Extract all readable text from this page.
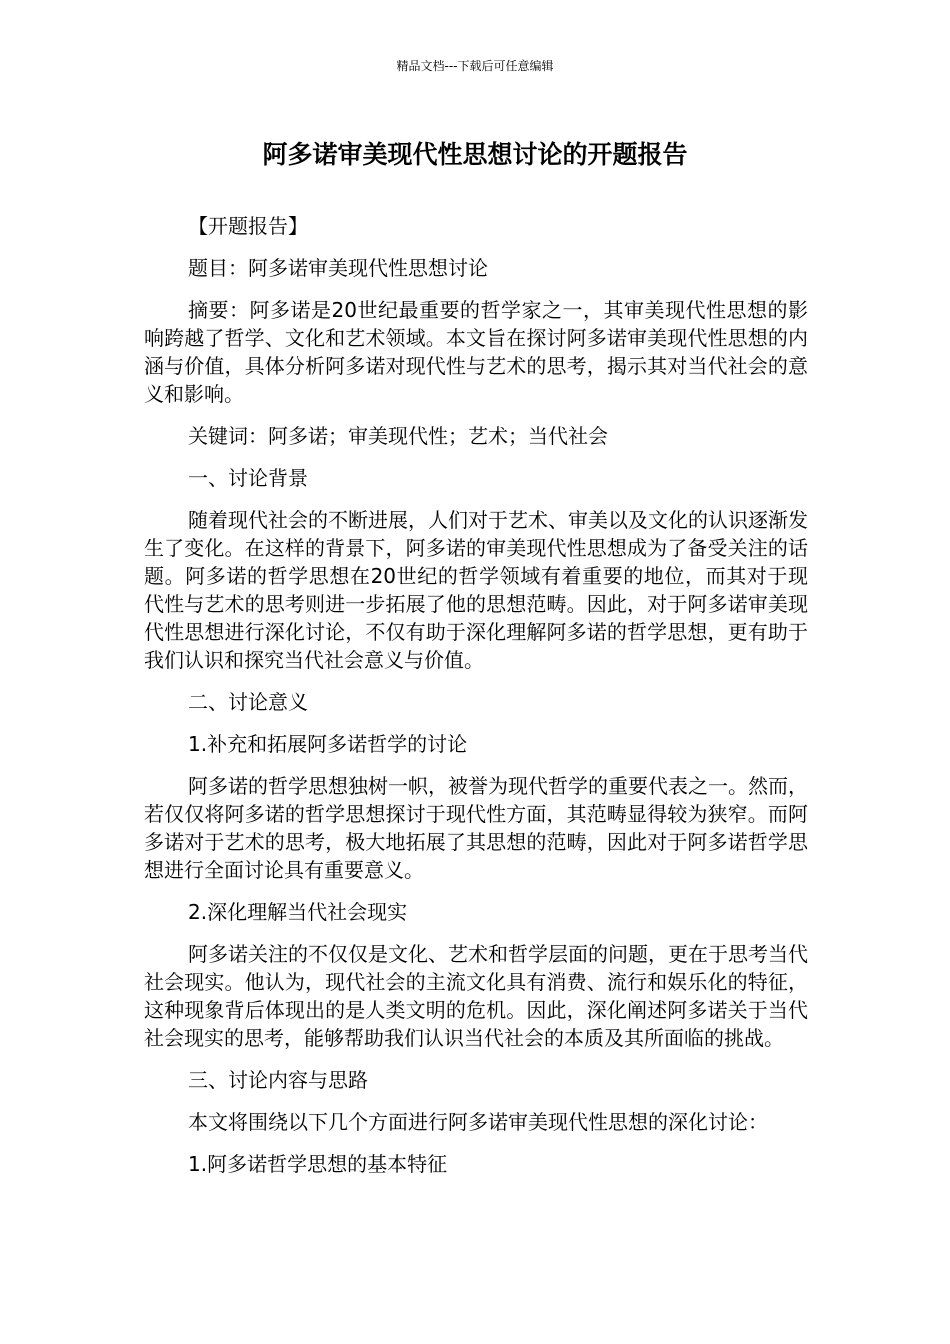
精品文档---下载后可任意编辑
阿多诺审美现代性思想讨论的开题报告

【开题报告】

题目：阿多诺审美现代性思想讨论

摘要：阿多诺是20世纪最重要的哲学家之一，其审美现代性思想的影响跨越了哲学、文化和艺术领域。本文旨在探讨阿多诺审美现代性思想的内涵与价值，具体分析阿多诺对现代性与艺术的思考，揭示其对当代社会的意义和影响。

关键词：阿多诺；审美现代性；艺术；当代社会

一、讨论背景

随着现代社会的不断进展，人们对于艺术、审美以及文化的认识逐渐发生了变化。在这样的背景下，阿多诺的审美现代性思想成为了备受关注的话题。阿多诺的哲学思想在20世纪的哲学领域有着重要的地位，而其对于现代性与艺术的思考则进一步拓展了他的思想范畴。因此，对于阿多诺审美现代性思想进行深化讨论，不仅有助于深化理解阿多诺的哲学思想，更有助于我们认识和探究当代社会意义与价值。

二、讨论意义

1.补充和拓展阿多诺哲学的讨论

阿多诺的哲学思想独树一帜，被誉为现代哲学的重要代表之一。然而，若仅仅将阿多诺的哲学思想探讨于现代性方面，其范畴显得较为狭窄。而阿多诺对于艺术的思考，极大地拓展了其思想的范畴，因此对于阿多诺哲学思想进行全面讨论具有重要意义。

2.深化理解当代社会现实

阿多诺关注的不仅仅是文化、艺术和哲学层面的问题，更在于思考当代社会现实。他认为，现代社会的主流文化具有消费、流行和娱乐化的特征，这种现象背后体现出的是人类文明的危机。因此，深化阐述阿多诺关于当代社会现实的思考，能够帮助我们认识当代社会的本质及其所面临的挑战。

三、讨论内容与思路

本文将围绕以下几个方面进行阿多诺审美现代性思想的深化讨论：

1.阿多诺哲学思想的基本特征
